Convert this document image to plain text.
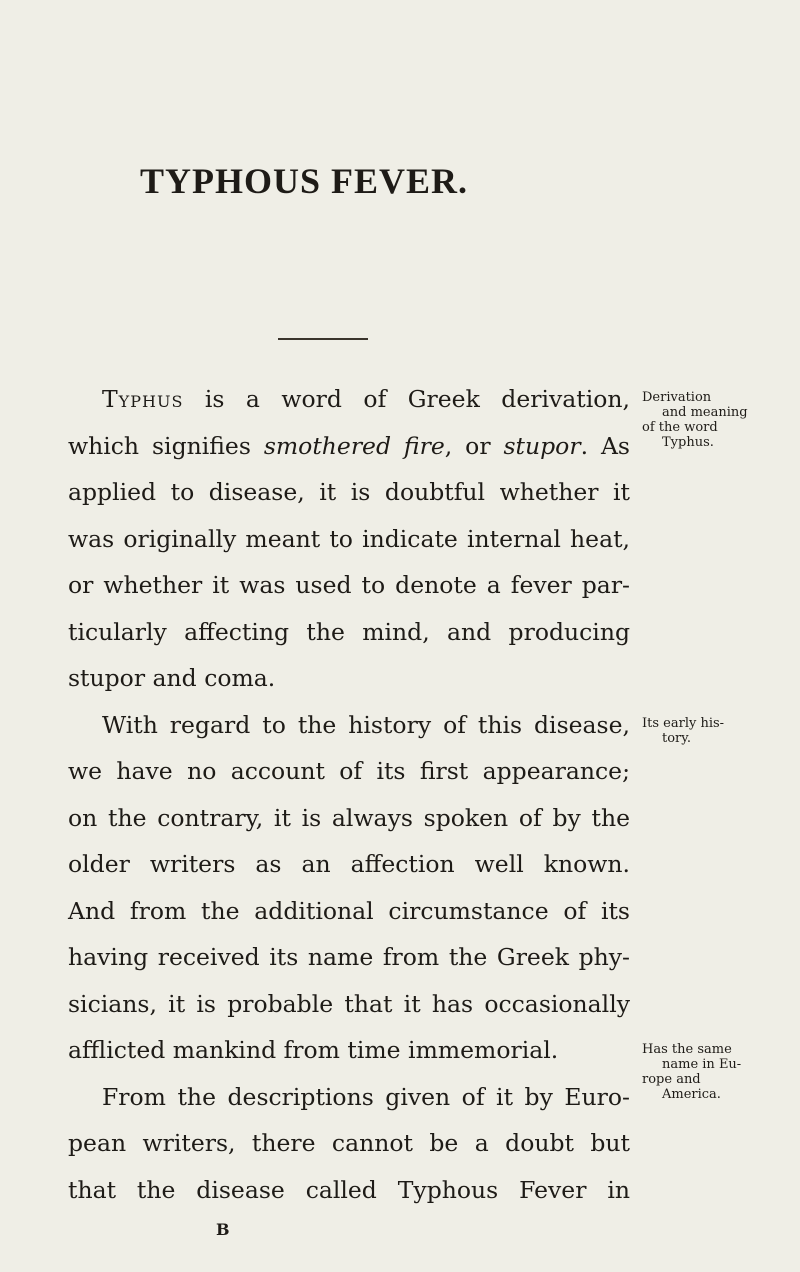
TYPHOUS FEVER.
Typhus is a word of Greek derivation,
which signifies smothered fire, or stupor. As
applied to disease, it is doubtful whether it
was originally meant to indicate internal heat,
or whether it was used to denote a fever par-
ticularly affecting the mind, and producing
stupor and coma.
With regard to the history of this disease,
we have no account of its first appearance;
on the contrary, it is always spoken of by the
older writers as an affection well known.
And from the additional circumstance of its
having received its name from the Greek phy-
sicians, it is probable that it has occasionally
afflicted mankind from time immemorial.
From the descriptions given of it by Euro-
pean writers, there cannot be a doubt but
that the disease called Typhous Fever in
Derivation
and meaning
of the word
Typhus.
Its early his-
tory.
Has the same
name in Eu-
rope and
America.
B
